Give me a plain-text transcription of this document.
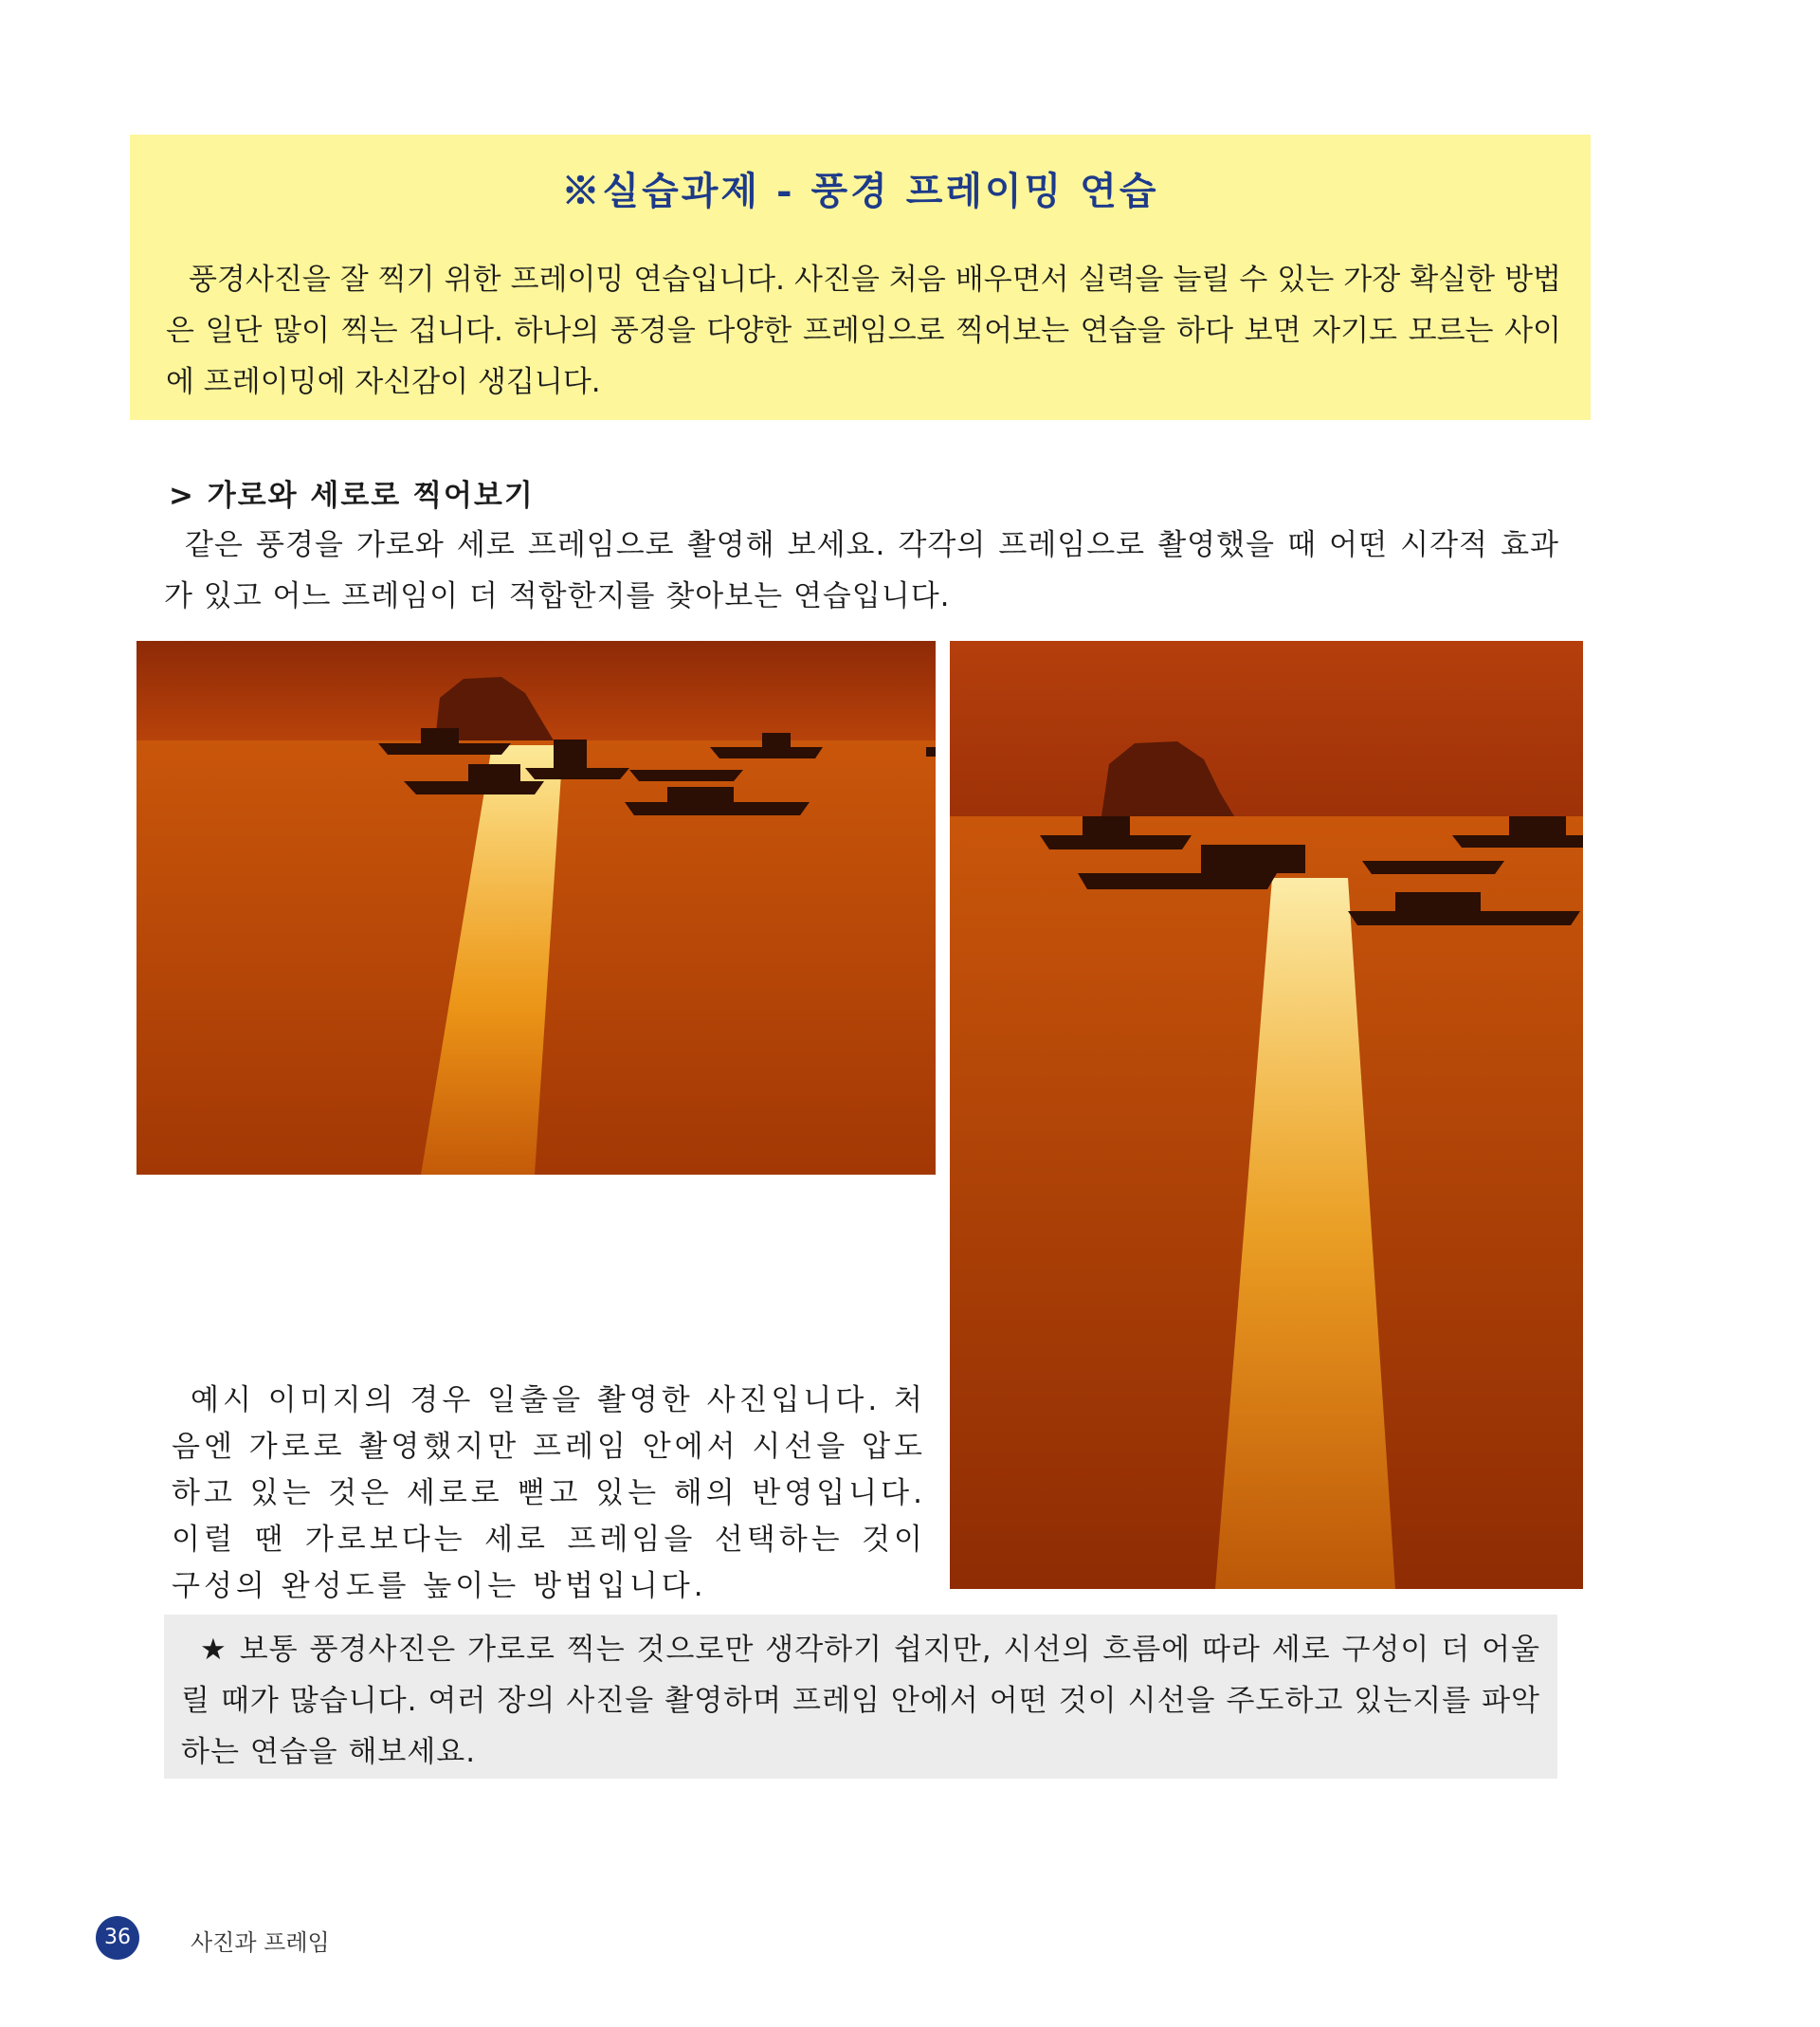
※실습과제 - 풍경 프레이밍 연습

풍경사진을 잘 찍기 위한 프레이밍 연습입니다. 사진을 처음 배우면서 실력을 늘릴 수 있는 가장 확실한 방법은 일단 많이 찍는 겁니다. 하나의 풍경을 다양한 프레임으로 찍어보는 연습을 하다 보면 자기도 모르는 사이에 프레이밍에 자신감이 생깁니다.

> 가로와 세로로 찍어보기

같은 풍경을 가로와 세로 프레임으로 촬영해 보세요. 각각의 프레임으로 촬영했을 때 어떤 시각적 효과가 있고 어느 프레임이 더 적합한지를 찾아보는 연습입니다.

예시 이미지의 경우 일출을 촬영한 사진입니다. 처음엔 가로로 촬영했지만 프레임 안에서 시선을 압도하고 있는 것은 세로로 뻗고 있는 해의 반영입니다. 이럴 땐 가로보다는 세로 프레임을 선택하는 것이 구성의 완성도를 높이는 방법입니다.

★ 보통 풍경사진은 가로로 찍는 것으로만 생각하기 쉽지만, 시선의 흐름에 따라 세로 구성이 더 어울릴 때가 많습니다. 여러 장의 사진을 촬영하며 프레임 안에서 어떤 것이 시선을 주도하고 있는지를 파악하는 연습을 해보세요.

36	사진과 프레임
